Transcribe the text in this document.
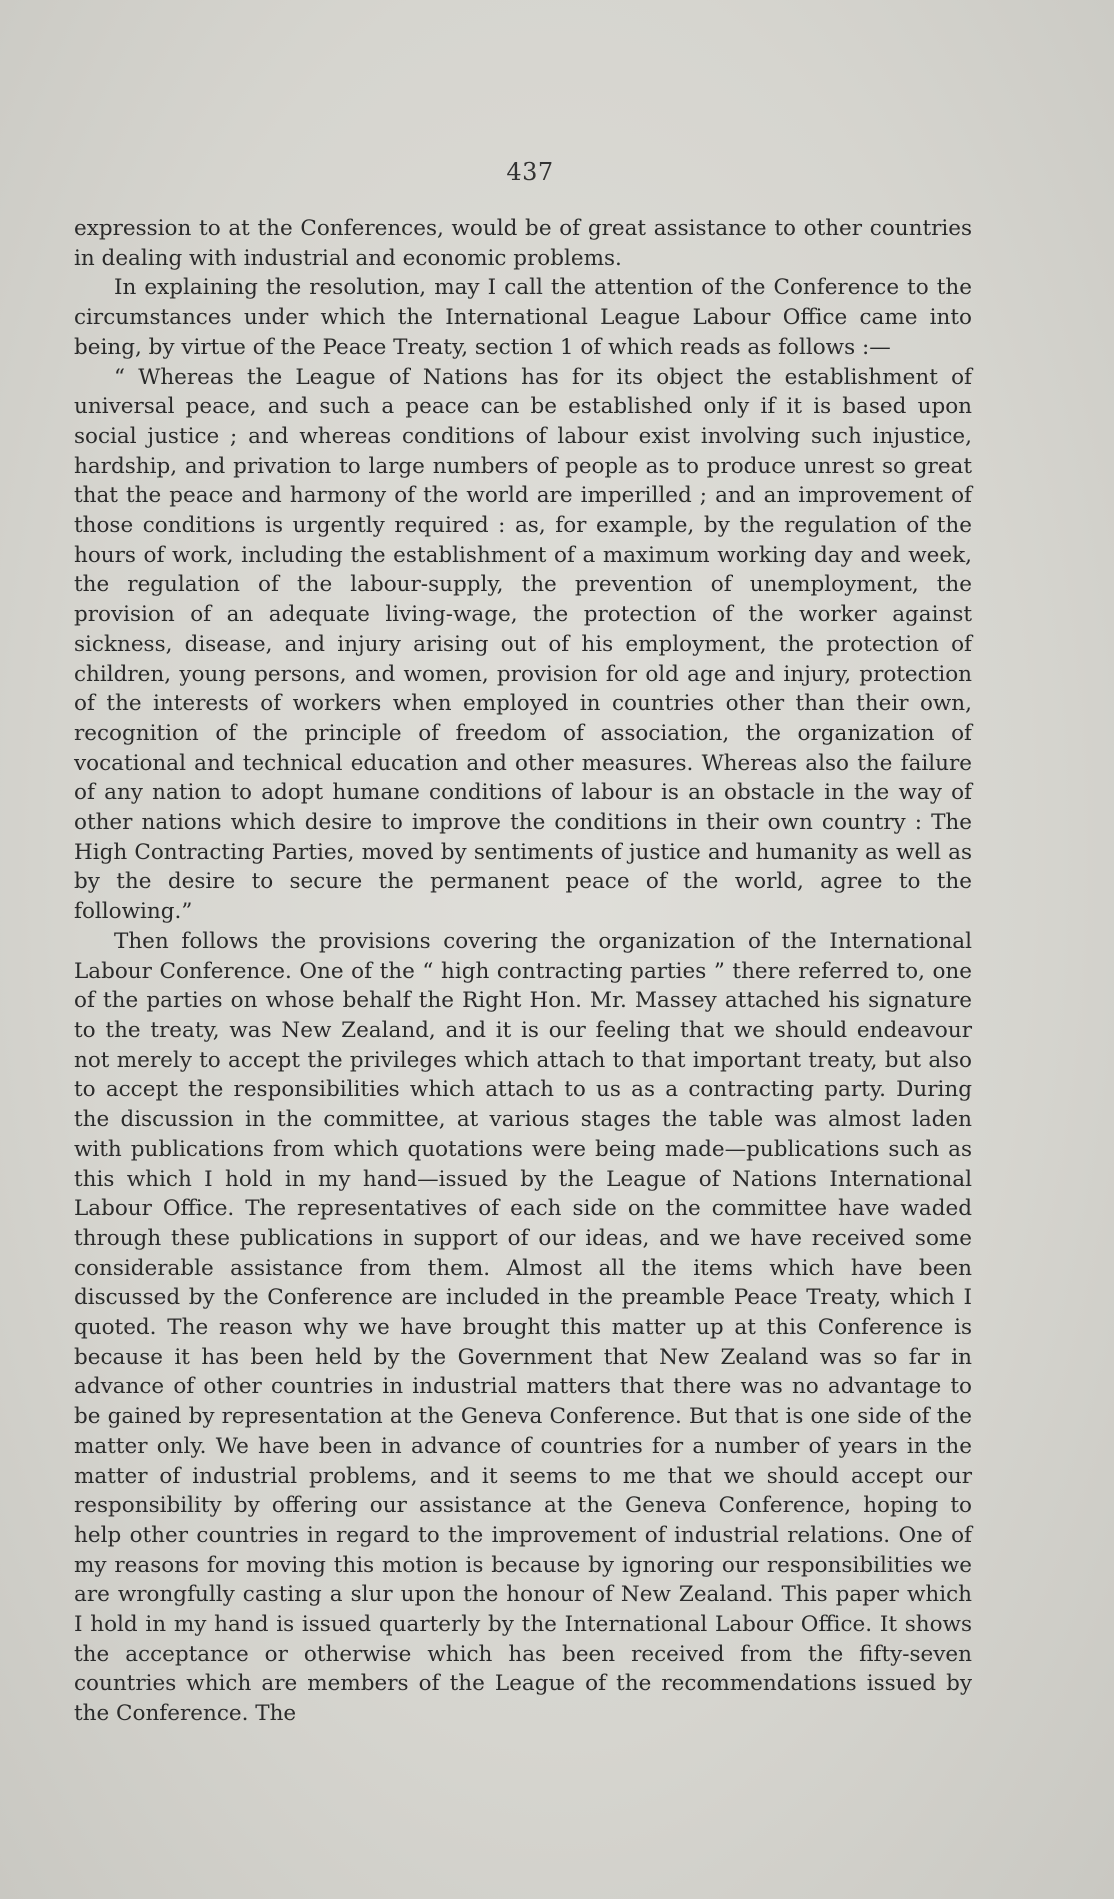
437

expression to at the Conferences, would be of great assistance to other countries in dealing with industrial and economic problems.

In explaining the resolution, may I call the attention of the Conference to the circumstances under which the International League Labour Office came into being, by virtue of the Peace Treaty, section 1 of which reads as follows :—

“ Whereas the League of Nations has for its object the establishment of universal peace, and such a peace can be established only if it is based upon social justice ; and whereas conditions of labour exist involving such injustice, hardship, and privation to large numbers of people as to produce unrest so great that the peace and harmony of the world are imperilled ; and an improvement of those conditions is urgently required : as, for example, by the regulation of the hours of work, including the establishment of a maximum working day and week, the regulation of the labour-supply, the prevention of unemployment, the provision of an adequate living-wage, the protection of the worker against sickness, disease, and injury arising out of his employment, the protection of children, young persons, and women, provision for old age and injury, protection of the interests of workers when employed in countries other than their own, recognition of the principle of freedom of association, the organization of vocational and technical education and other measures. Whereas also the failure of any nation to adopt humane conditions of labour is an obstacle in the way of other nations which desire to improve the conditions in their own country : The High Contracting Parties, moved by sentiments of justice and humanity as well as by the desire to secure the permanent peace of the world, agree to the following.”

Then follows the provisions covering the organization of the International Labour Conference. One of the “ high contracting parties ” there referred to, one of the parties on whose behalf the Right Hon. Mr. Massey attached his signature to the treaty, was New Zealand, and it is our feeling that we should endeavour not merely to accept the privileges which attach to that important treaty, but also to accept the responsibilities which attach to us as a contracting party. During the discussion in the committee, at various stages the table was almost laden with publications from which quotations were being made—publications such as this which I hold in my hand—issued by the League of Nations International Labour Office. The representatives of each side on the committee have waded through these publications in support of our ideas, and we have received some considerable assistance from them. Almost all the items which have been discussed by the Conference are included in the preamble Peace Treaty, which I quoted. The reason why we have brought this matter up at this Conference is because it has been held by the Government that New Zealand was so far in advance of other countries in industrial matters that there was no advantage to be gained by representation at the Geneva Conference. But that is one side of the matter only. We have been in advance of countries for a number of years in the matter of industrial problems, and it seems to me that we should accept our responsibility by offering our assistance at the Geneva Conference, hoping to help other countries in regard to the improvement of industrial relations. One of my reasons for moving this motion is because by ignoring our responsibilities we are wrongfully casting a slur upon the honour of New Zealand. This paper which I hold in my hand is issued quarterly by the International Labour Office. It shows the acceptance or otherwise which has been received from the fifty-seven countries which are members of the League of the recommendations issued by the Conference. The
